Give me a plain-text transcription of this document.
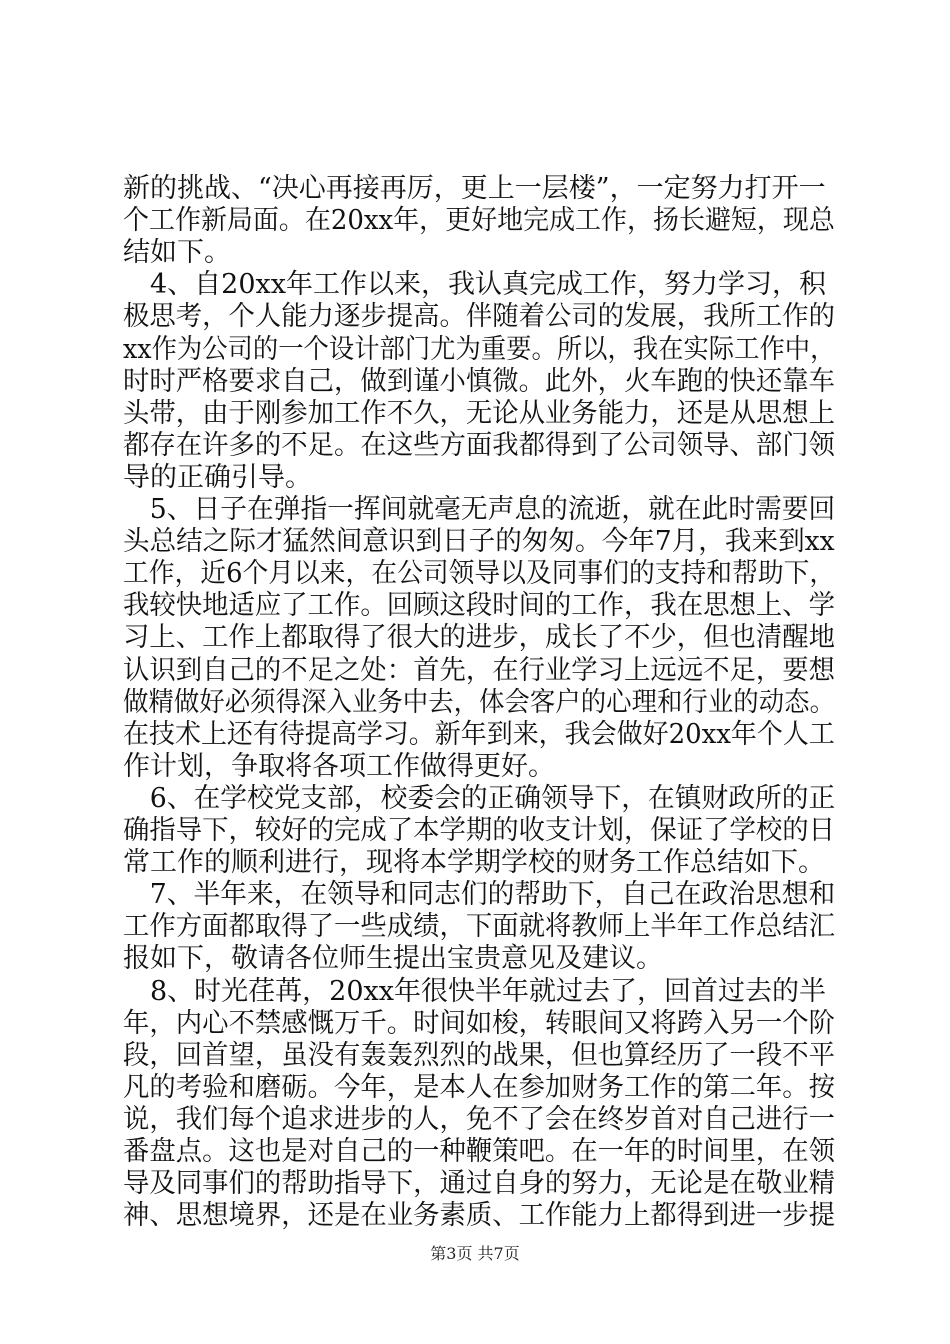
新的挑战、“决心再接再厉，更上一层楼”，一定努力打开一
个工作新局面。在20xx年，更好地完成工作，扬长避短，现总
结如下。
　4、自20xx年工作以来，我认真完成工作，努力学习，积
极思考，个人能力逐步提高。伴随着公司的发展，我所工作的
xx作为公司的一个设计部门尤为重要。所以，我在实际工作中，
时时严格要求自己，做到谨小慎微。此外，火车跑的快还靠车
头带，由于刚参加工作不久，无论从业务能力，还是从思想上
都存在许多的不足。在这些方面我都得到了公司领导、部门领
导的正确引导。
　5、日子在弹指一挥间就毫无声息的流逝，就在此时需要回
头总结之际才猛然间意识到日子的匆匆。今年7月，我来到xx
工作，近6个月以来，在公司领导以及同事们的支持和帮助下，
我较快地适应了工作。回顾这段时间的工作，我在思想上、学
习上、工作上都取得了很大的进步，成长了不少，但也清醒地
认识到自己的不足之处：首先，在行业学习上远远不足，要想
做精做好必须得深入业务中去，体会客户的心理和行业的动态。
在技术上还有待提高学习。新年到来，我会做好20xx年个人工
作计划，争取将各项工作做得更好。
　6、在学校党支部，校委会的正确领导下，在镇财政所的正
确指导下，较好的完成了本学期的收支计划，保证了学校的日
常工作的顺利进行，现将本学期学校的财务工作总结如下。
　7、半年来，在领导和同志们的帮助下，自己在政治思想和
工作方面都取得了一些成绩，下面就将教师上半年工作总结汇
报如下，敬请各位师生提出宝贵意见及建议。
　8、时光荏苒，20xx年很快半年就过去了，回首过去的半
年，内心不禁感慨万千。时间如梭，转眼间又将跨入另一个阶
段，回首望，虽没有轰轰烈烈的战果，但也算经历了一段不平
凡的考验和磨砺。今年，是本人在参加财务工作的第二年。按
说，我们每个追求进步的人，免不了会在终岁首对自己进行一
番盘点。这也是对自己的一种鞭策吧。在一年的时间里，在领
导及同事们的帮助指导下，通过自身的努力，无论是在敬业精
神、思想境界，还是在业务素质、工作能力上都得到进一步提
第3页 共7页
